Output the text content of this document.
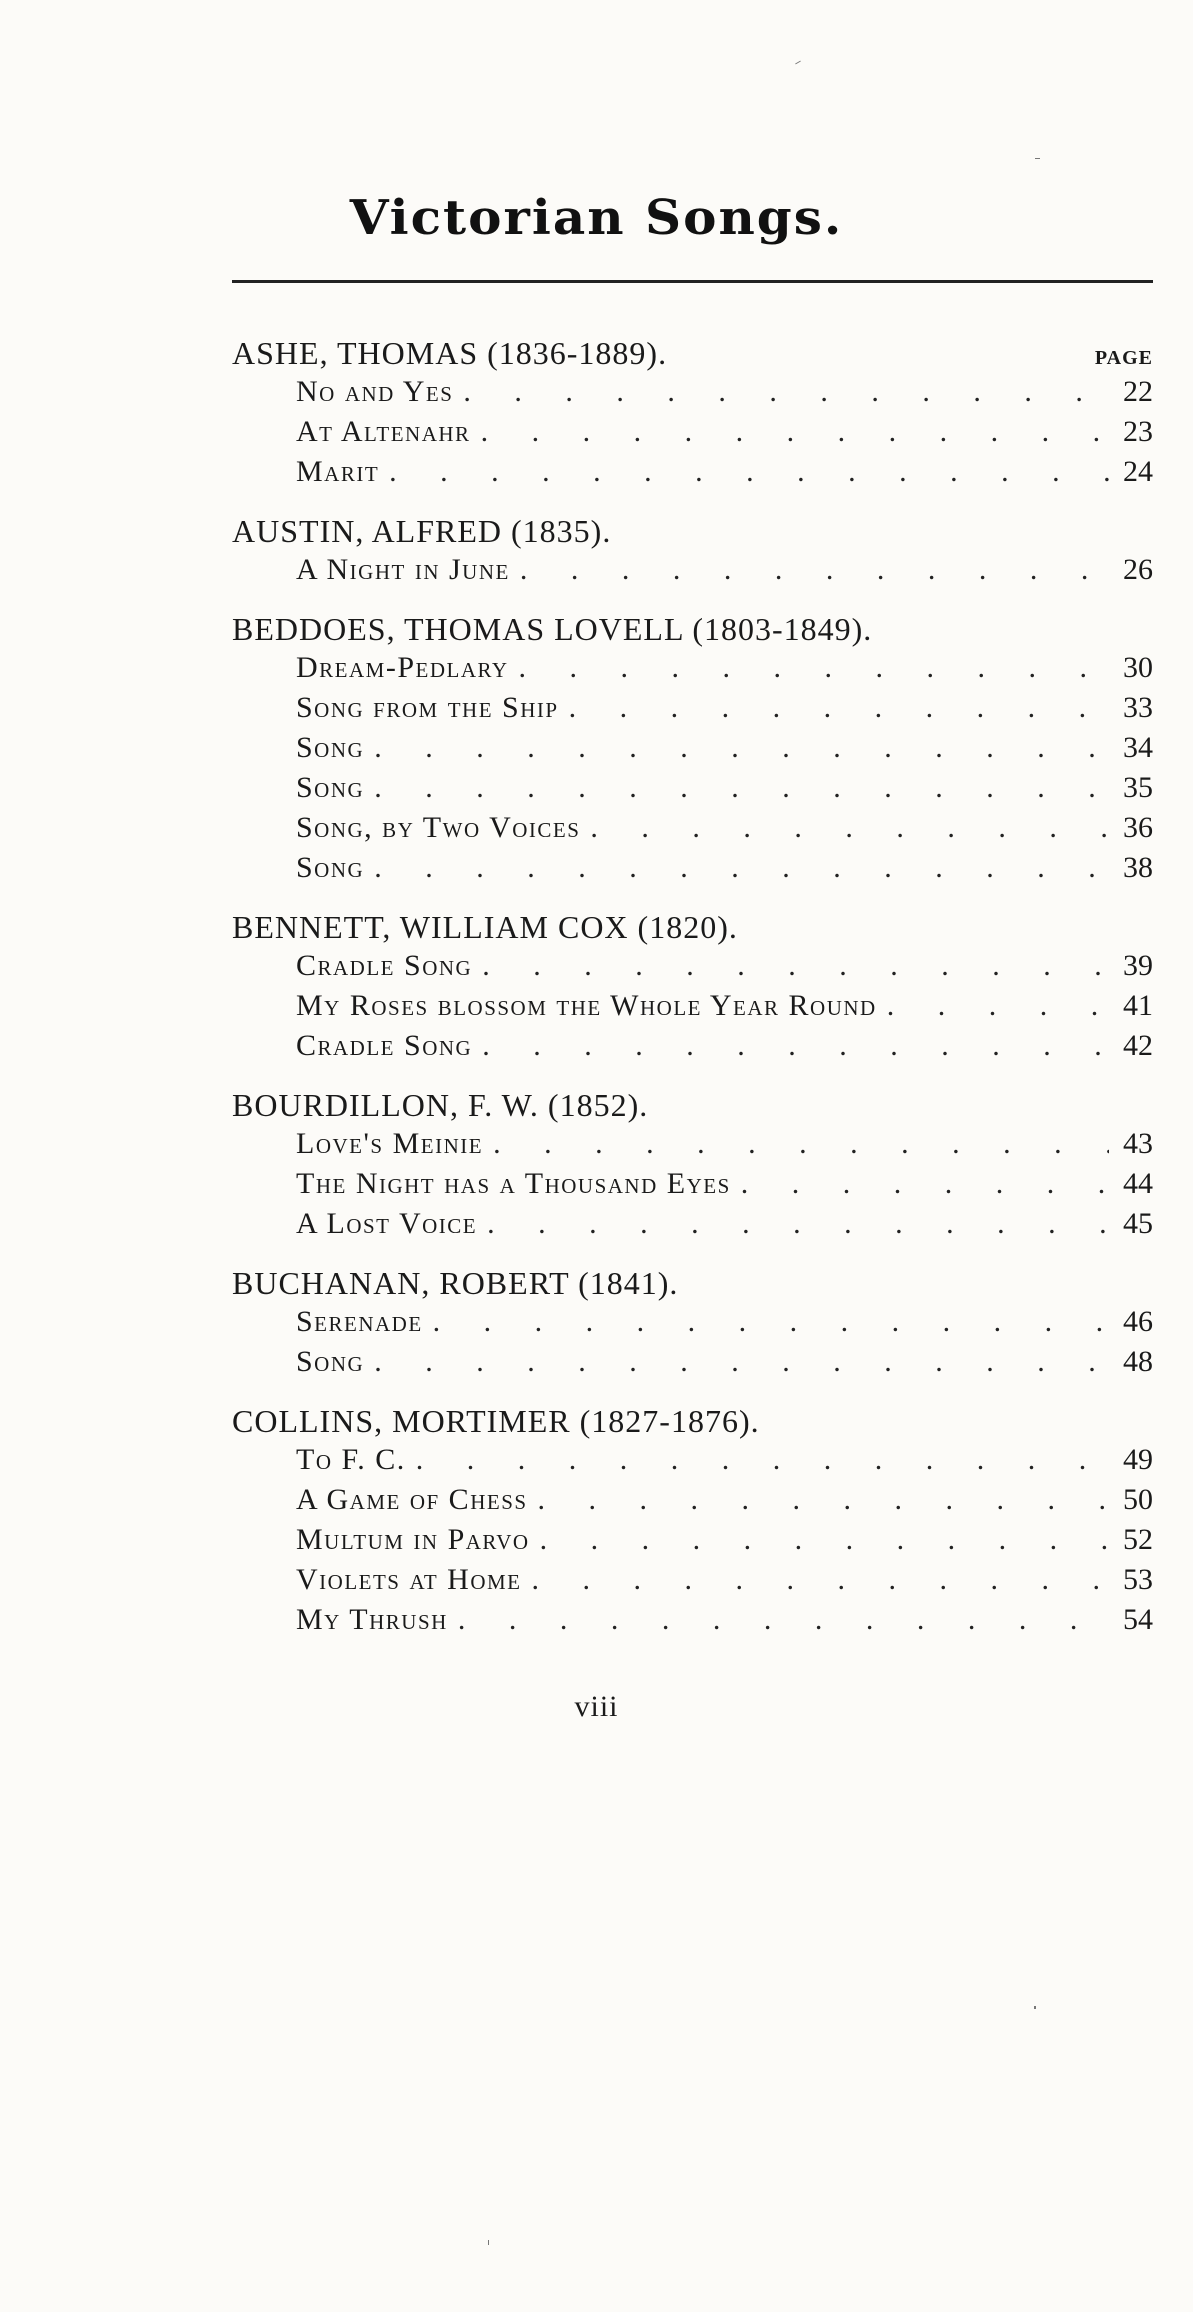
Victorian Songs.
ASHE, THOMAS (1836-1889).	PAGE
No and Yes . . .	22
At Altenahr . . .	23
Marit . . .	24
AUSTIN, ALFRED (1835).
A Night in June . . .	26
BEDDOES, THOMAS LOVELL (1803-1849).
Dream-Pedlary . . .	30
Song from the Ship . . .	33
Song . . .	34
Song . . .	35
Song, by Two Voices . . .	36
Song . . .	38
BENNETT, WILLIAM COX (1820).
Cradle Song . . .	39
My Roses blossom the Whole Year Round . . .	41
Cradle Song . . .	42
BOURDILLON, F. W. (1852).
Love's Meinie . . .	43
The Night has a Thousand Eyes . . .	44
A Lost Voice . . .	45
BUCHANAN, ROBERT (1841).
Serenade . . .	46
Song . . .	48
COLLINS, MORTIMER (1827-1876).
To F. C. . . .	49
A Game of Chess . . .	50
Multum in Parvo . . .	52
Violets at Home . . .	53
My Thrush . . .	54
viii
